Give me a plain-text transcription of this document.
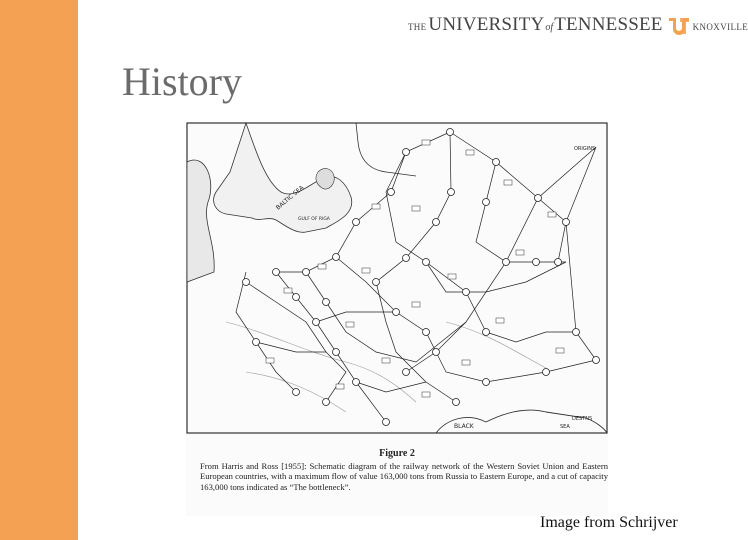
THE UNIVERSITY of TENNESSEE	KNOXVILLE
History
BALTIC SEA
GULF OF RIGA
ORIGINS
BLACK	SEA
DESTNS
Figure 2
From Harris and Ross [1955]: Schematic diagram of the railway network of the Western Soviet Union and Eastern European countries, with a maximum flow of value 163,000 tons from Russia to Eastern Europe, and a cut of capacity 163,000 tons indicated as “The bottleneck”.
Image from Schrijver
